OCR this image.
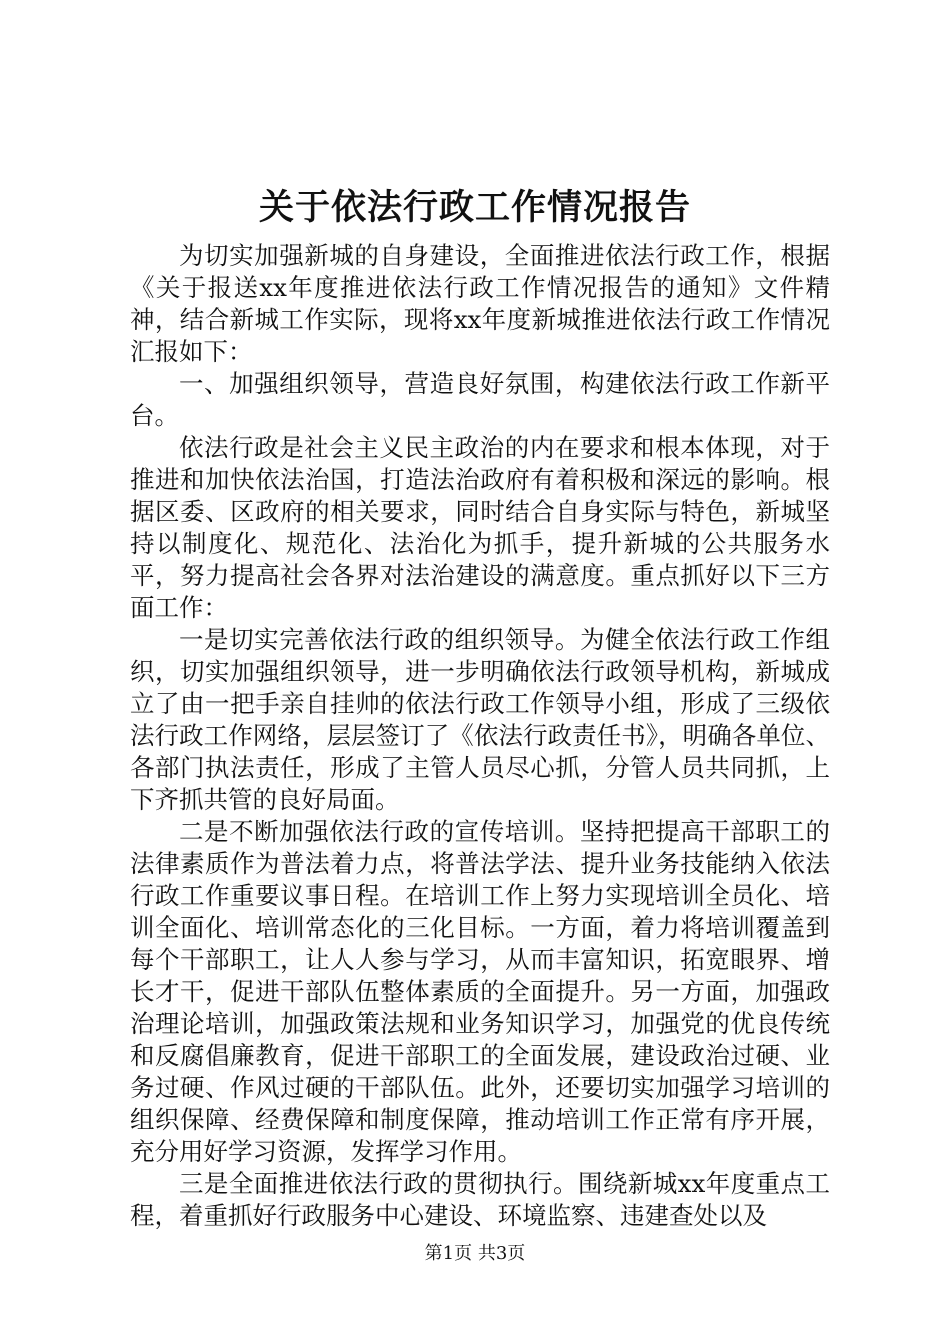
关于依法行政工作情况报告

为切实加强新城的自身建设，全面推进依法行政工作，根据《关于报送xx年度推进依法行政工作情况报告的通知》文件精神，结合新城工作实际，现将xx年度新城推进依法行政工作情况汇报如下：

一、加强组织领导，营造良好氛围，构建依法行政工作新平台。

依法行政是社会主义民主政治的内在要求和根本体现，对于推进和加快依法治国，打造法治政府有着积极和深远的影响。根据区委、区政府的相关要求，同时结合自身实际与特色，新城坚持以制度化、规范化、法治化为抓手，提升新城的公共服务水平，努力提高社会各界对法治建设的满意度。重点抓好以下三方面工作：

一是切实完善依法行政的组织领导。为健全依法行政工作组织，切实加强组织领导，进一步明确依法行政领导机构，新城成立了由一把手亲自挂帅的依法行政工作领导小组，形成了三级依法行政工作网络，层层签订了《依法行政责任书》，明确各单位、各部门执法责任，形成了主管人员尽心抓，分管人员共同抓，上下齐抓共管的良好局面。

二是不断加强依法行政的宣传培训。坚持把提高干部职工的法律素质作为普法着力点，将普法学法、提升业务技能纳入依法行政工作重要议事日程。在培训工作上努力实现培训全员化、培训全面化、培训常态化的三化目标。一方面，着力将培训覆盖到每个干部职工，让人人参与学习，从而丰富知识，拓宽眼界、增长才干，促进干部队伍整体素质的全面提升。另一方面，加强政治理论培训，加强政策法规和业务知识学习，加强党的优良传统和反腐倡廉教育，促进干部职工的全面发展，建设政治过硬、业务过硬、作风过硬的干部队伍。此外，还要切实加强学习培训的组织保障、经费保障和制度保障，推动培训工作正常有序开展，充分用好学习资源，发挥学习作用。

三是全面推进依法行政的贯彻执行。围绕新城xx年度重点工程，着重抓好行政服务中心建设、环境监察、违建查处以及

第1页 共3页
